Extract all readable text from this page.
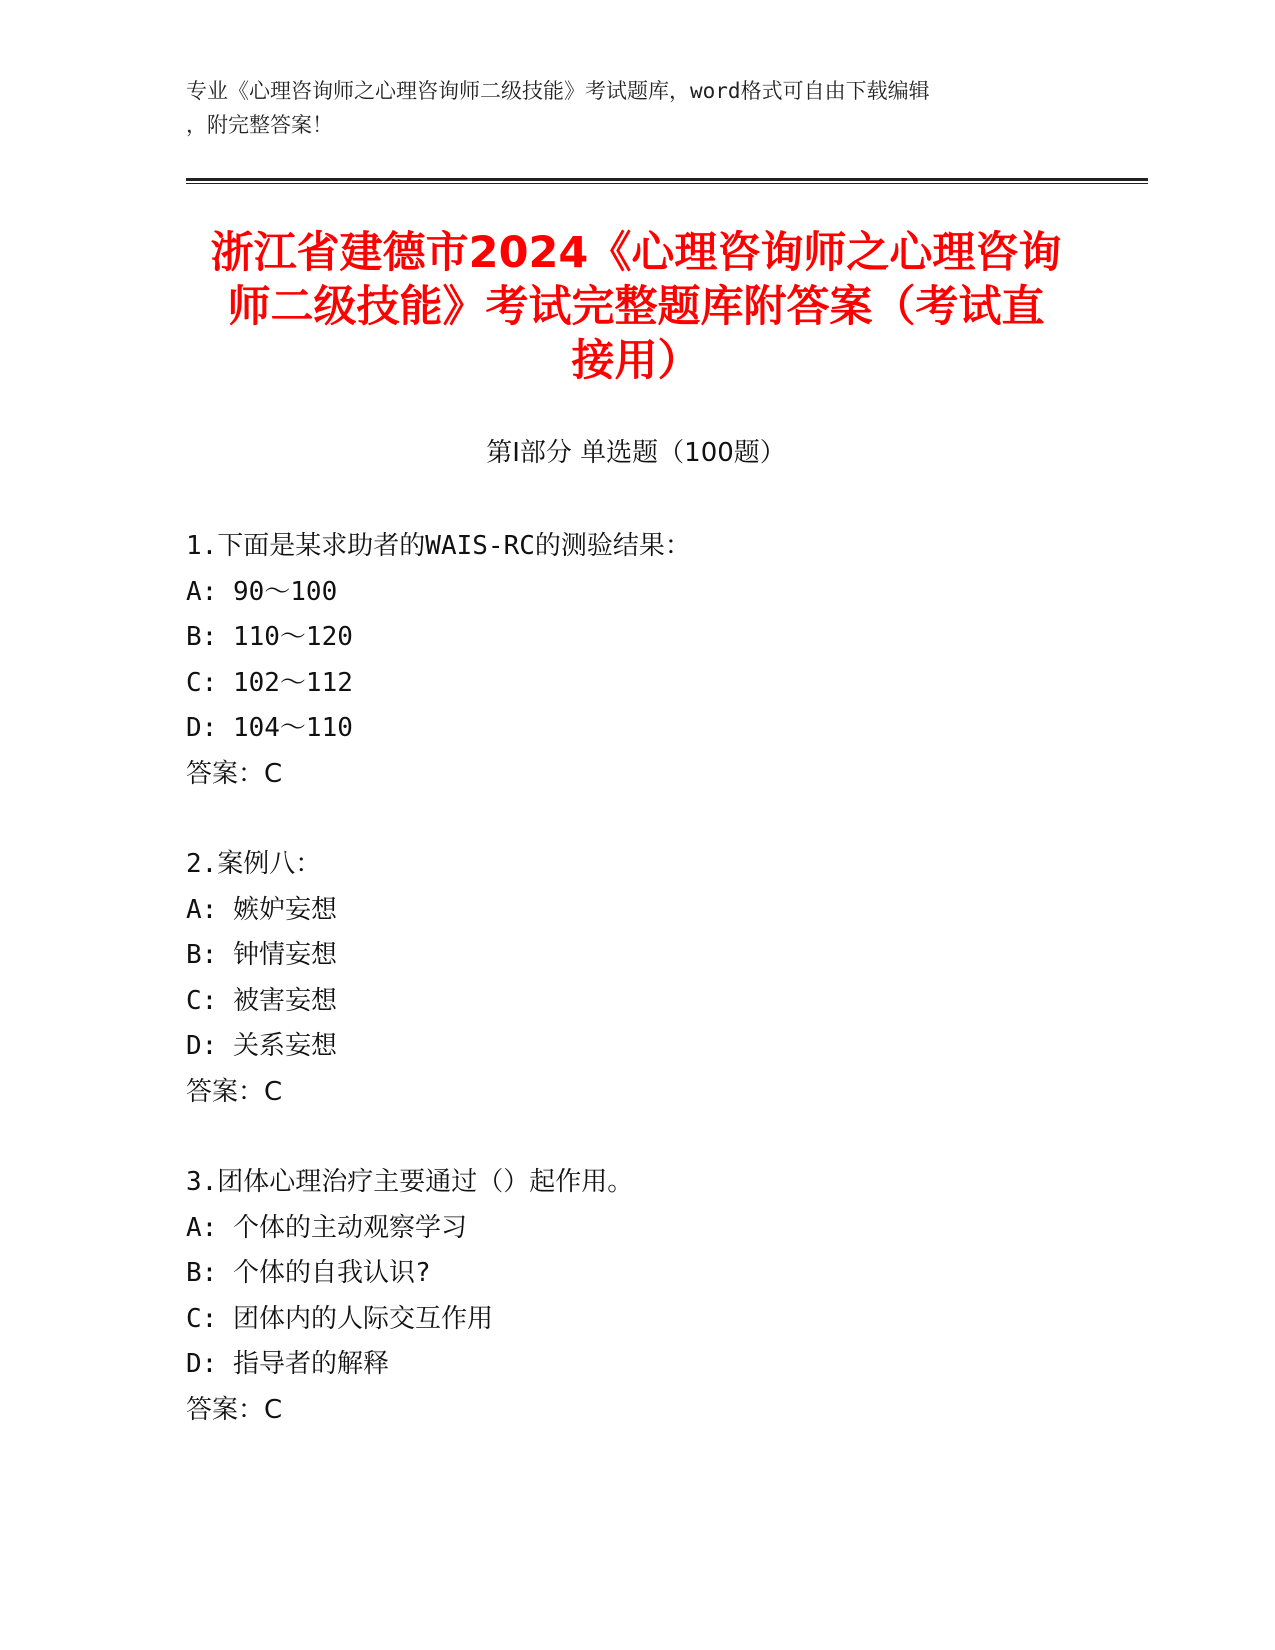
专业《心理咨询师之心理咨询师二级技能》考试题库，word格式可自由下载编辑
，附完整答案！
浙江省建德市2024《心理咨询师之心理咨询
师二级技能》考试完整题库附答案（考试直
接用）
第Ⅰ部分 单选题（100题）
1.下面是某求助者的WAIS-RC的测验结果：
A: 90～100
B: 110～120
C: 102～112
D: 104～110
答案：C
2.案例八：
A: 嫉妒妄想
B: 钟情妄想
C: 被害妄想
D: 关系妄想
答案：C
3.团体心理治疗主要通过（）起作用。
A: 个体的主动观察学习
B: 个体的自我认识?
C: 团体内的人际交互作用
D: 指导者的解释
答案：C
